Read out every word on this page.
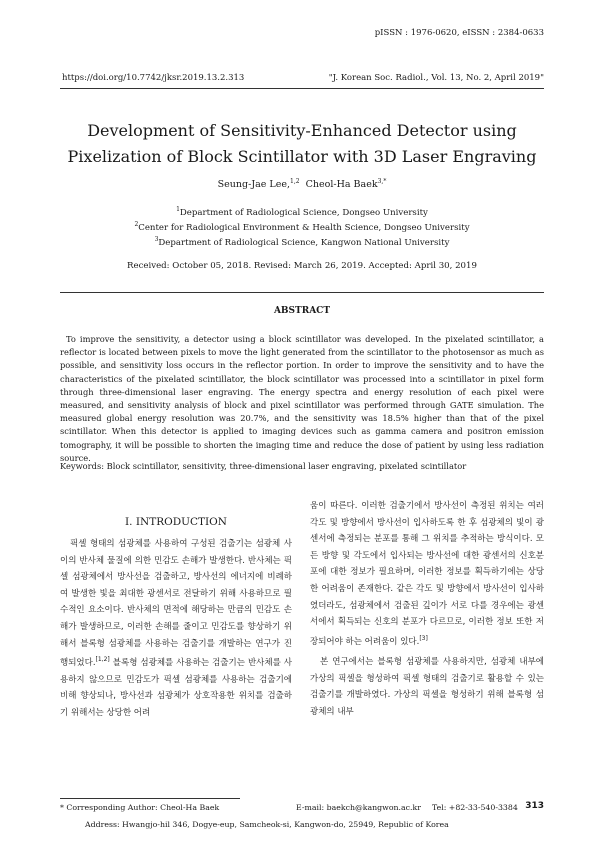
pISSN : 1976-0620, eISSN : 2384-0633
https://doi.org/10.7742/jksr.2019.13.2.313	"J. Korean Soc. Radiol., Vol. 13, No. 2, April 2019"
Development of Sensitivity-Enhanced Detector using Pixelization of Block Scintillator with 3D Laser Engraving
Seung-Jae Lee,$^{1,2}$ Cheol-Ha Baek$^{3,*}$
$^1$Department of Radiological Science, Dongseo University
$^2$Center for Radiological Environment & Health Science, Dongseo University
$^3$Department of Radiological Science, Kangwon National University
Received: October 05, 2018. Revised: March 26, 2019. Accepted: April 30, 2019
ABSTRACT
To improve the sensitivity, a detector using a block scintillator was developed. In the pixelated scintillator, a reflector is located between pixels to move the light generated from the scintillator to the photosensor as much as possible, and sensitivity loss occurs in the reflector portion. In order to improve the sensitivity and to have the characteristics of the pixelated scintillator, the block scintillator was processed into a scintillator in pixel form through three-dimensional laser engraving. The energy spectra and energy resolution of each pixel were measured, and sensitivity analysis of block and pixel scintillator was performed through GATE simulation. The measured global energy resolution was 20.7%, and the sensitivity was 18.5% higher than that of the pixel scintillator. When this detector is applied to imaging devices such as gamma camera and positron emission tomography, it will be possible to shorten the imaging time and reduce the dose of patient by using less radiation source.
Keywords: Block scintillator, sensitivity, three-dimensional laser engraving, pixelated scintillator
Ⅰ. INTRODUCTION

픽셀 형태의 섬광체를 사용하여 구성된 검출기는 섬광체 사이의 반사체 물질에 의한 민감도 손해가 발생한다. 반사체는 픽셀 섬광체에서 방사선을 검출하고, 방사선의 에너지에 비례하여 발생한 빛을 최대한 광센서로 전달하기 위해 사용하므로 필수적인 요소이다. 반사체의 면적에 해당하는 만큼의 민감도 손해가 발생하므로, 이러한 손해를 줄이고 민감도를 향상하기 위해서 블록형 섬광체를 사용하는 검출기를 개발하는 연구가 진행되었다.[1,2] 블록형 섬광체를 사용하는 검출기는 반사체를 사용하지 않으므로 민감도가 픽셀 섬광체를 사용하는 검출기에 비해 향상되나, 방사선과 섬광체가 상호작용한 위치를 검출하기 위해서는 상당한 어려

움이 따른다. 이러한 검출기에서 방사선이 측정된 위치는 여러 각도 및 방향에서 방사선이 입사하도록 한 후 섬광체의 빛이 광센서에 측정되는 분포를 통해 그 위치를 추적하는 방식이다. 모든 방향 및 각도에서 입사되는 방사선에 대한 광센서의 신호분포에 대한 정보가 필요하며, 이러한 정보를 획득하기에는 상당한 어려움이 존재한다. 같은 각도 및 방향에서 방사선이 입사하였더라도, 섬광체에서 검출된 깊이가 서로 다를 경우에는 광센서에서 획득되는 신호의 분포가 다르므로, 이러한 정보 또한 저장되어야 하는 어려움이 있다.[3]

본 연구에서는 블록형 섬광체를 사용하지만, 섬광체 내부에 가상의 픽셀을 형성하여 픽셀 형태의 검출기로 활용할 수 있는 검출기를 개발하였다. 가상의 픽셀을 형성하기 위해 블록형 섬광체의 내부

* Corresponding Author: Cheol-Ha Baek	E-mail: baekch@kangwon.ac.kr Tel: +82-33-540-3384
Address: Hwangjo-hil 346, Dogye-eup, Samcheok-si, Kangwon-do, 25949, Republic of Korea
313
